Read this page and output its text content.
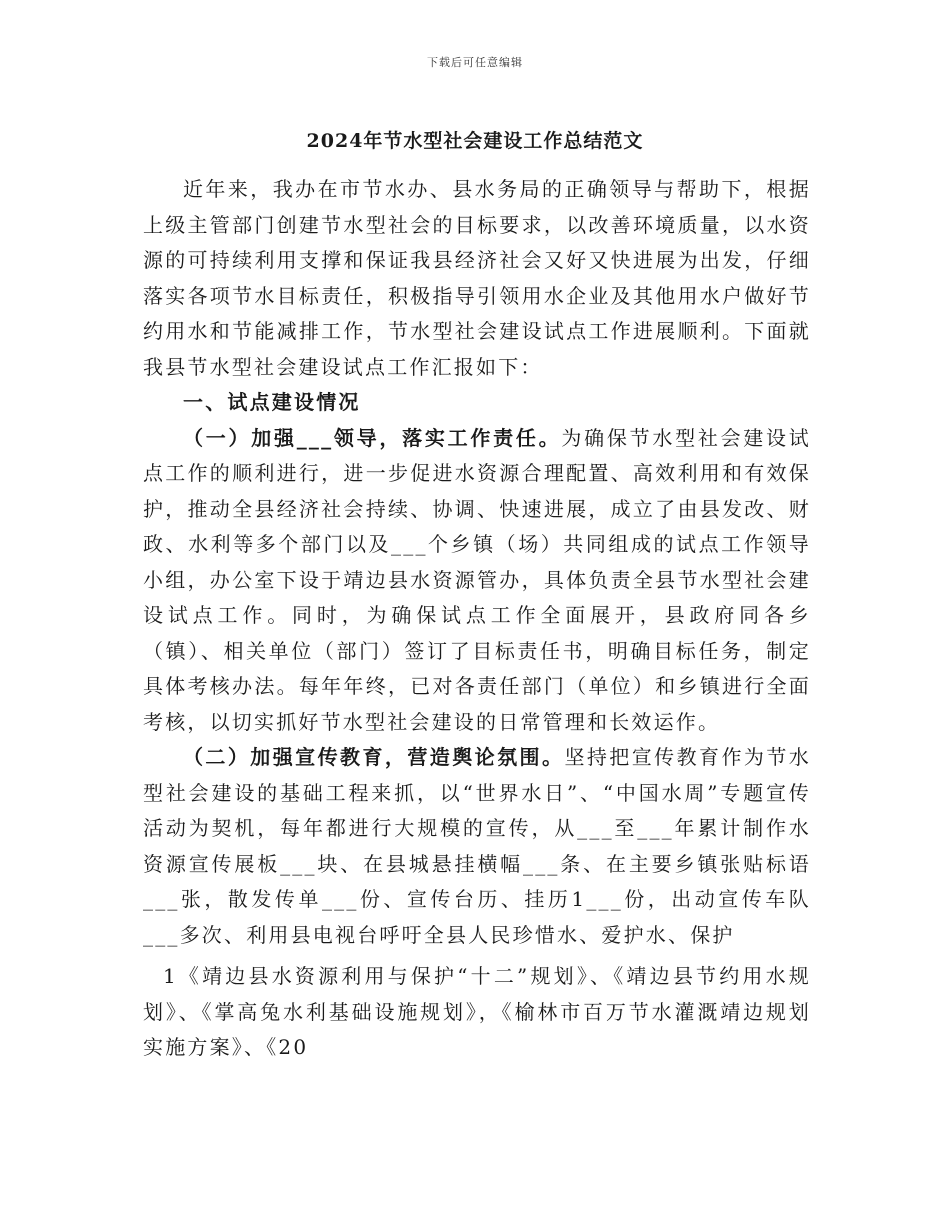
下载后可任意编辑
2024年节水型社会建设工作总结范文

近年来，我办在市节水办、县水务局的正确领导与帮助下，根据上级主管部门创建节水型社会的目标要求，以改善环境质量，以水资源的可持续利用支撑和保证我县经济社会又好又快进展为出发，仔细落实各项节水目标责任，积极指导引领用水企业及其他用水户做好节约用水和节能减排工作，节水型社会建设试点工作进展顺利。下面就我县节水型社会建设试点工作汇报如下：

一、试点建设情况

（一）加强___领导，落实工作责任。为确保节水型社会建设试点工作的顺利进行，进一步促进水资源合理配置、高效利用和有效保护，推动全县经济社会持续、协调、快速进展，成立了由县发改、财政、水利等多个部门以及___个乡镇（场）共同组成的试点工作领导小组，办公室下设于靖边县水资源管办，具体负责全县节水型社会建设试点工作。同时，为确保试点工作全面展开，县政府同各乡（镇）、相关单位（部门）签订了目标责任书，明确目标任务，制定具体考核办法。每年年终，已对各责任部门（单位）和乡镇进行全面考核，以切实抓好节水型社会建设的日常管理和长效运作。

（二）加强宣传教育，营造舆论氛围。坚持把宣传教育作为节水型社会建设的基础工程来抓，以“世界水日”、“中国水周”专题宣传活动为契机，每年都进行大规模的宣传，从___至___年累计制作水资源宣传展板___块、在县城悬挂横幅___条、在主要乡镇张贴标语___张，散发传单___份、宣传台历、挂历1___份，出动宣传车队___多次、利用县电视台呼吁全县人民珍惜水、爱护水、保护

1《靖边县水资源利用与保护“十二”规划》、《靖边县节约用水规划》、《掌高兔水利基础设施规划》，《榆林市百万节水灌溉靖边规划实施方案》、《20
